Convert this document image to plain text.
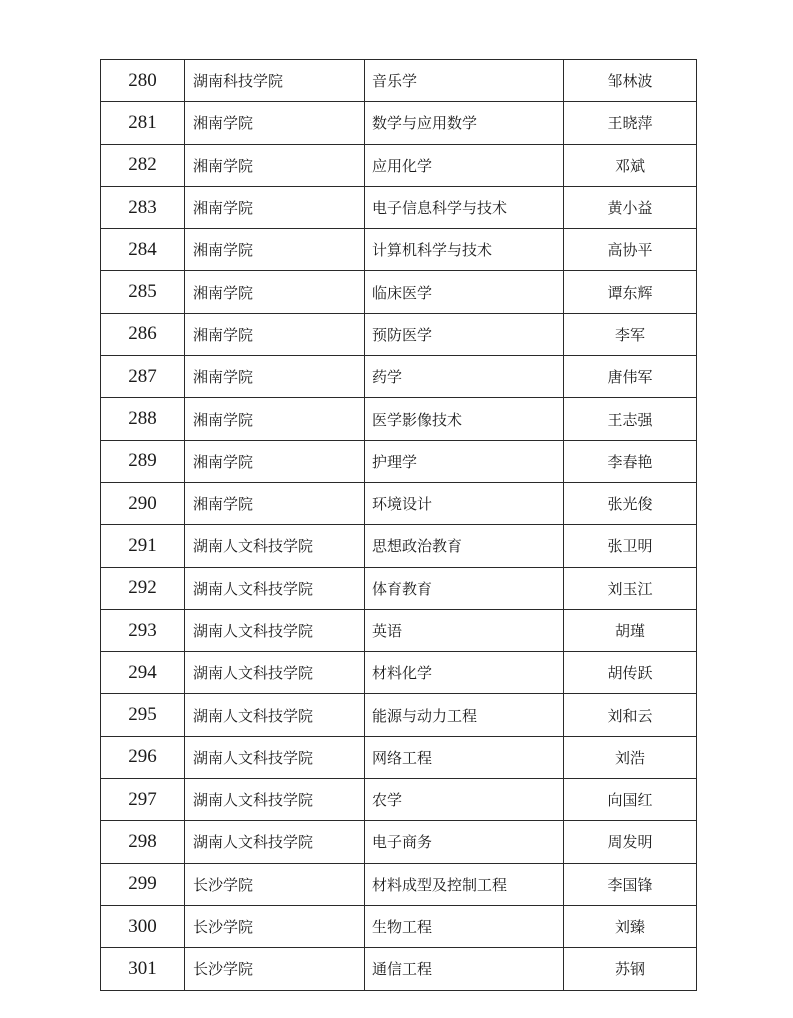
280	湖南科技学院	音乐学	邹林波
281	湘南学院	数学与应用数学	王晓萍
282	湘南学院	应用化学	邓斌
283	湘南学院	电子信息科学与技术	黄小益
284	湘南学院	计算机科学与技术	高协平
285	湘南学院	临床医学	谭东辉
286	湘南学院	预防医学	李军
287	湘南学院	药学	唐伟军
288	湘南学院	医学影像技术	王志强
289	湘南学院	护理学	李春艳
290	湘南学院	环境设计	张光俊
291	湖南人文科技学院	思想政治教育	张卫明
292	湖南人文科技学院	体育教育	刘玉江
293	湖南人文科技学院	英语	胡瑾
294	湖南人文科技学院	材料化学	胡传跃
295	湖南人文科技学院	能源与动力工程	刘和云
296	湖南人文科技学院	网络工程	刘浩
297	湖南人文科技学院	农学	向国红
298	湖南人文科技学院	电子商务	周发明
299	长沙学院	材料成型及控制工程	李国锋
300	长沙学院	生物工程	刘臻
301	长沙学院	通信工程	苏钢
